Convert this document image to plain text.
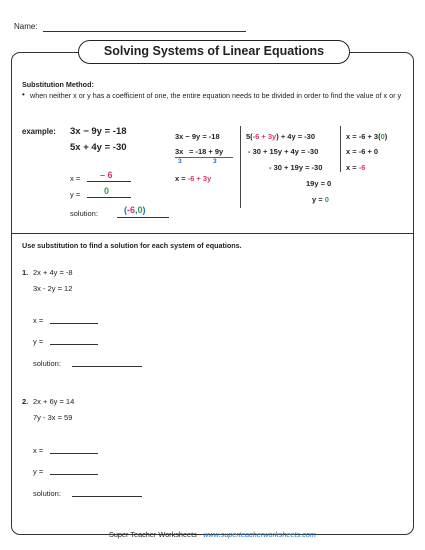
Name:
Solving Systems of Linear Equations
Substitution Method:
• when neither x or y has a coefficient of one, the entire equation needs to be divided in order to find the value of x or y
example: 3x − 9y = -18
5x + 4y = -30
x = – 6
y =	0
solution:	(-6,0)
3x − 9y = -18
3x = -18 + 9y
3	3
x = -6 + 3y
5(-6 + 3y) + 4y = -30
- 30 + 15y + 4y = -30
- 30 + 19y = -30
19y = 0
y = 0
x = -6 + 3(0)
x = -6 + 0
x = -6
Use substitution to find a solution for each system of equations.
1. 2x + 4y = -8
3x - 2y = 12
x =
y =
solution:
2. 2x + 6y = 14
7y - 3x = 59
x =
y =
solution:
Super Teacher Worksheets - www.superteacherworksheets.com
